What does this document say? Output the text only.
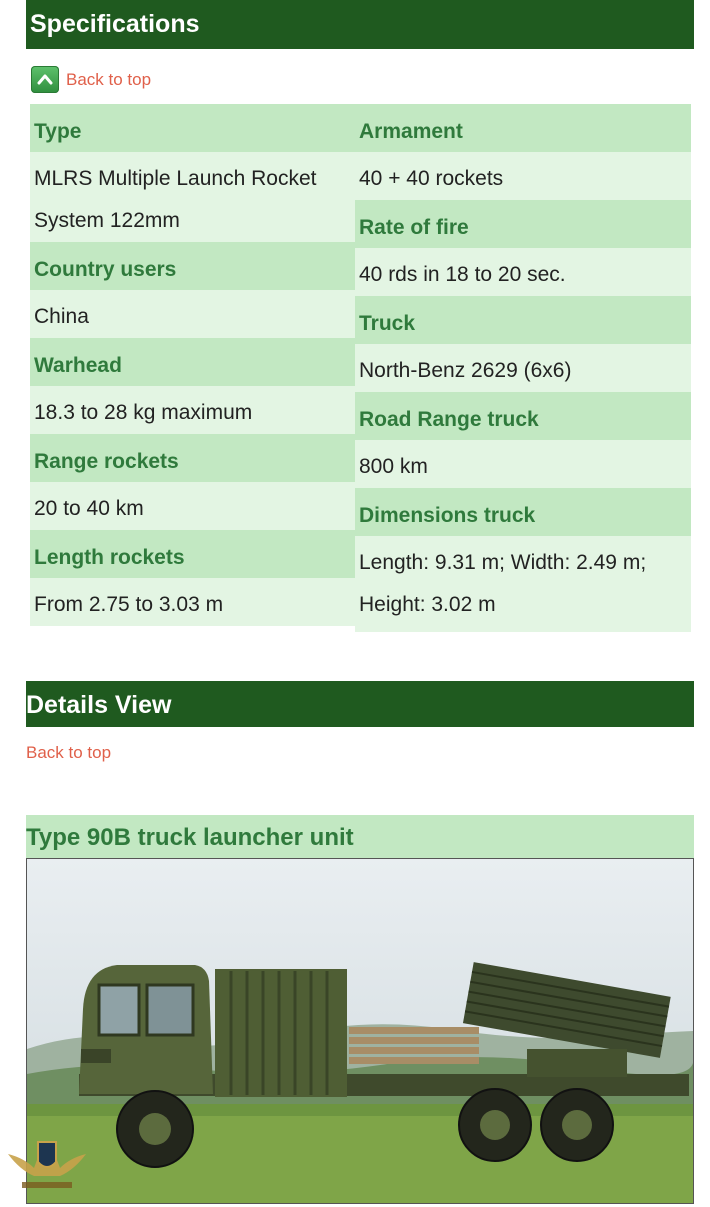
Specifications
Back to top
Type
MLRS Multiple Launch Rocket System 122mm
Country users
China
Warhead
18.3 to 28 kg maximum
Range rockets
20 to 40 km
Length rockets
From 2.75 to 3.03 m
Armament
40 + 40 rockets
Rate of fire
40 rds in 18 to 20 sec.
Truck
North-Benz 2629 (6x6)
Road Range truck
800 km
Dimensions truck
Length: 9.31 m; Width: 2.49 m; Height: 3.02 m
Details View
Back to top
Type 90B truck launcher unit
